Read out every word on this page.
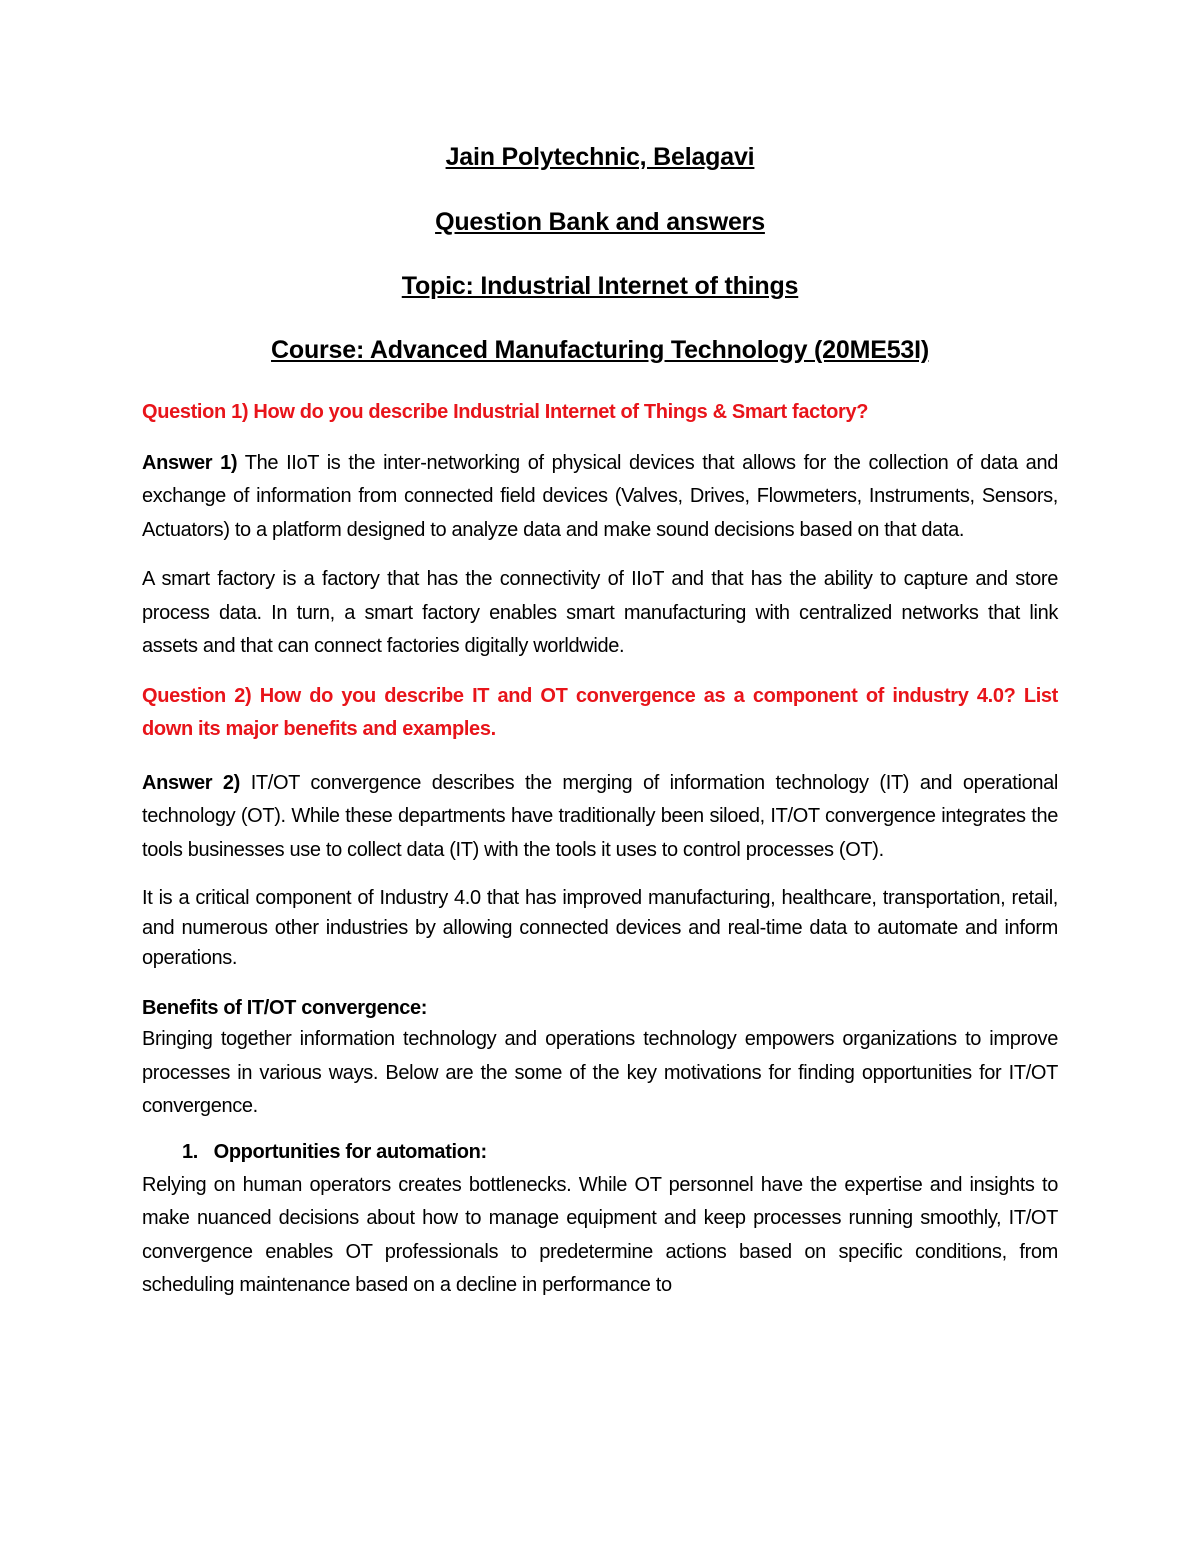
Jain Polytechnic, Belagavi
Question Bank and answers
Topic: Industrial Internet of things
Course: Advanced Manufacturing Technology (20ME53I)

Question 1) How do you describe Industrial Internet of Things & Smart factory?

Answer 1) The IIoT is the inter-networking of physical devices that allows for the collection of data and exchange of information from connected field devices (Valves, Drives, Flowmeters, Instruments, Sensors, Actuators) to a platform designed to analyze data and make sound decisions based on that data.

A smart factory is a factory that has the connectivity of IIoT and that has the ability to capture and store process data. In turn, a smart factory enables smart manufacturing with centralized networks that link assets and that can connect factories digitally worldwide.

Question 2) How do you describe IT and OT convergence as a component of industry 4.0? List down its major benefits and examples.

Answer 2) IT/OT convergence describes the merging of information technology (IT) and operational technology (OT). While these departments have traditionally been siloed, IT/OT convergence integrates the tools businesses use to collect data (IT) with the tools it uses to control processes (OT).

It is a critical component of Industry 4.0 that has improved manufacturing, healthcare, transportation, retail, and numerous other industries by allowing connected devices and real-time data to automate and inform operations.

Benefits of IT/OT convergence:

Bringing together information technology and operations technology empowers organizations to improve processes in various ways. Below are the some of the key motivations for finding opportunities for IT/OT convergence.

1. Opportunities for automation:

Relying on human operators creates bottlenecks. While OT personnel have the expertise and insights to make nuanced decisions about how to manage equipment and keep processes running smoothly, IT/OT convergence enables OT professionals to predetermine actions based on specific conditions, from scheduling maintenance based on a decline in performance to
